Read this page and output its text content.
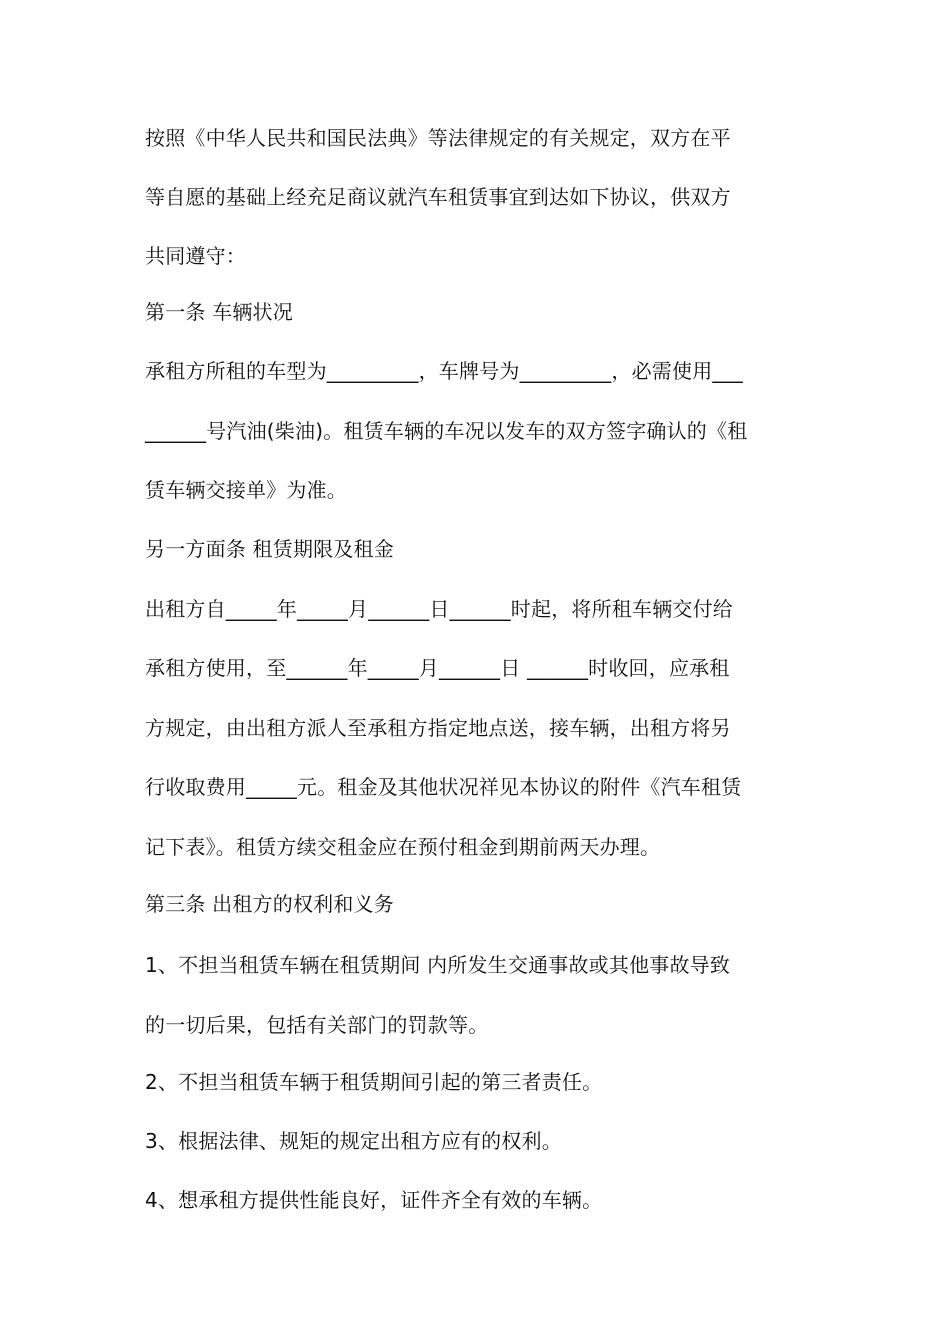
按照《中华人民共和国民法典》等法律规定的有关规定，双方在平
等自愿的基础上经充足商议就汽车租赁事宜到达如下协议，供双方
共同遵守：
第一条 车辆状况
承租方所租的车型为_________，车牌号为_________，必需使用___
______号汽油(柴油)。租赁车辆的车况以发车的双方签字确认的《租
赁车辆交接单》为准。
另一方面条 租赁期限及租金
出租方自_____年_____月______日______时起，将所租车辆交付给
承租方使用，至______年_____月______日 ______时收回，应承租
方规定，由出租方派人至承租方指定地点送，接车辆，出租方将另
行收取费用_____元。租金及其他状况祥见本协议的附件《汽车租赁
记下表》。租赁方续交租金应在预付租金到期前两天办理。
第三条 出租方的权利和义务
1、不担当租赁车辆在租赁期间 内所发生交通事故或其他事故导致
的一切后果，包括有关部门的罚款等。
2、不担当租赁车辆于租赁期间引起的第三者责任。
3、根据法律、规矩的规定出租方应有的权利。
4、想承租方提供性能良好，证件齐全有效的车辆。
